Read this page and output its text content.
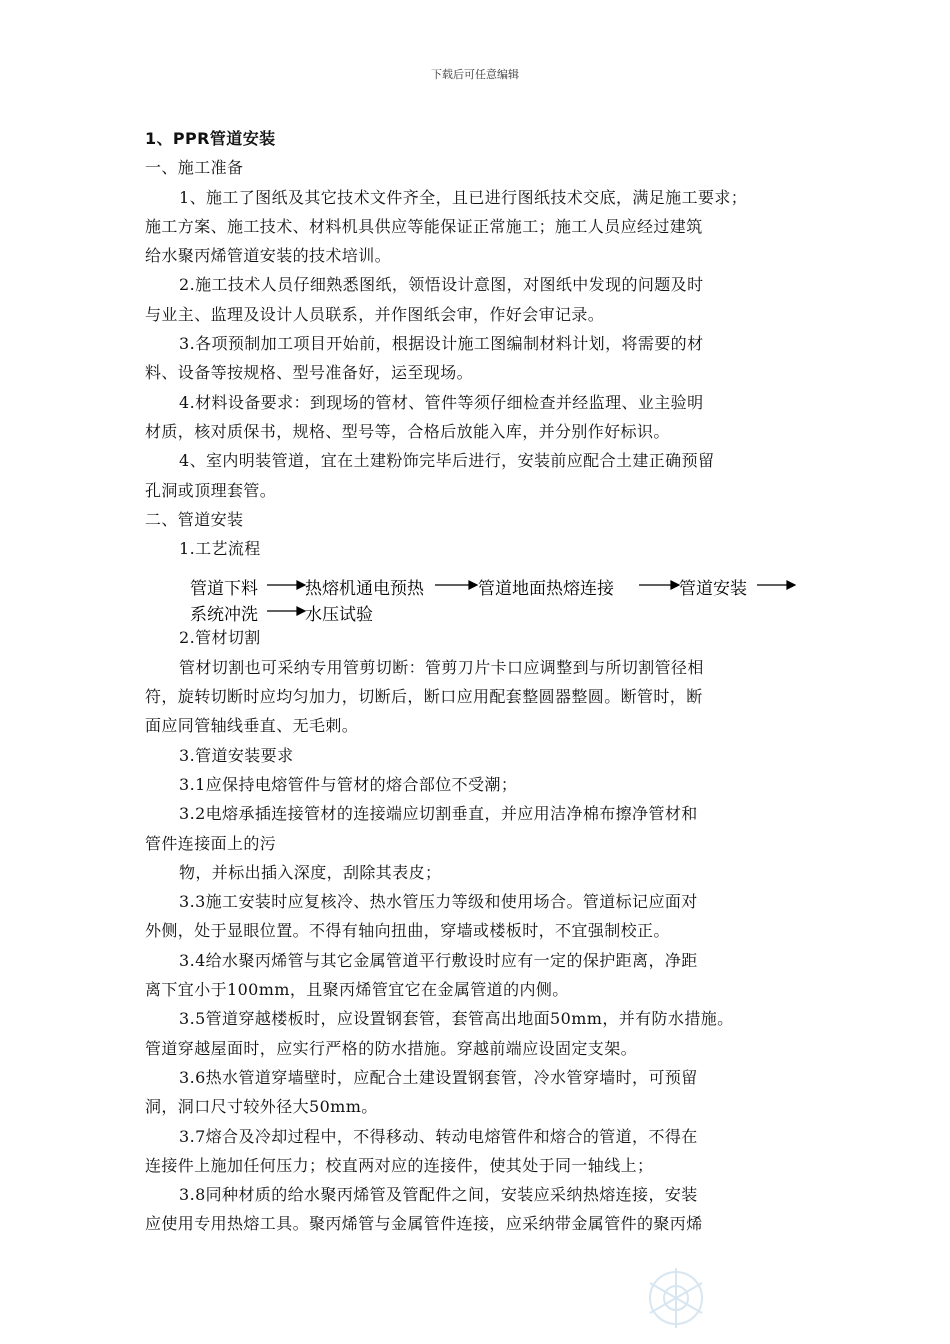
下载后可任意编辑
1、PPR管道安装
一、施工准备
1、施工了图纸及其它技术文件齐全，且已进行图纸技术交底，满足施工要求；
施工方案、施工技术、材料机具供应等能保证正常施工；施工人员应经过建筑
给水聚丙烯管道安装的技术培训。
2.施工技术人员仔细熟悉图纸，领悟设计意图，对图纸中发现的问题及时
与业主、监理及设计人员联系，并作图纸会审，作好会审记录。
3.各项预制加工项目开始前，根据设计施工图编制材料计划，将需要的材
料、设备等按规格、型号准备好，运至现场。
4.材料设备要求：到现场的管材、管件等须仔细检查并经监理、业主验明
材质，核对质保书，规格、型号等，合格后放能入库，并分别作好标识。
4、室内明装管道，宜在土建粉饰完毕后进行，安装前应配合土建正确预留
孔洞或顶理套管。
二、管道安装
1.工艺流程
管道下料	热熔机通电预热	管道地面热熔连接	管道安装
系统冲洗	水压试验
2.管材切割
管材切割也可采纳专用管剪切断：管剪刀片卡口应调整到与所切割管径相
符，旋转切断时应均匀加力，切断后，断口应用配套整圆器整圆。断管时，断
面应同管轴线垂直、无毛刺。
3.管道安装要求
3.1应保持电熔管件与管材的熔合部位不受潮；
3.2电熔承插连接管材的连接端应切割垂直，并应用洁净棉布擦净管材和
管件连接面上的污
物，并标出插入深度，刮除其表皮；
3.3施工安装时应复核冷、热水管压力等级和使用场合。管道标记应面对
外侧，处于显眼位置。不得有轴向扭曲，穿墙或楼板时，不宜强制校正。
3.4给水聚丙烯管与其它金属管道平行敷设时应有一定的保护距离，净距
离下宜小于100mm，且聚丙烯管宜它在金属管道的内侧。
3.5管道穿越楼板时，应设置钢套管，套管高出地面50mm，并有防水措施。
管道穿越屋面时，应实行严格的防水措施。穿越前端应设固定支架。
3.6热水管道穿墙壁时，应配合土建设置钢套管，冷水管穿墙时，可预留
洞，洞口尺寸较外径大50mm。
3.7熔合及冷却过程中，不得移动、转动电熔管件和熔合的管道，不得在
连接件上施加任何压力；校直两对应的连接件，使其处于同一轴线上；
3.8同种材质的给水聚丙烯管及管配件之间，安装应采纳热熔连接，安装
应使用专用热熔工具。聚丙烯管与金属管件连接，应采纳带金属管件的聚丙烯
